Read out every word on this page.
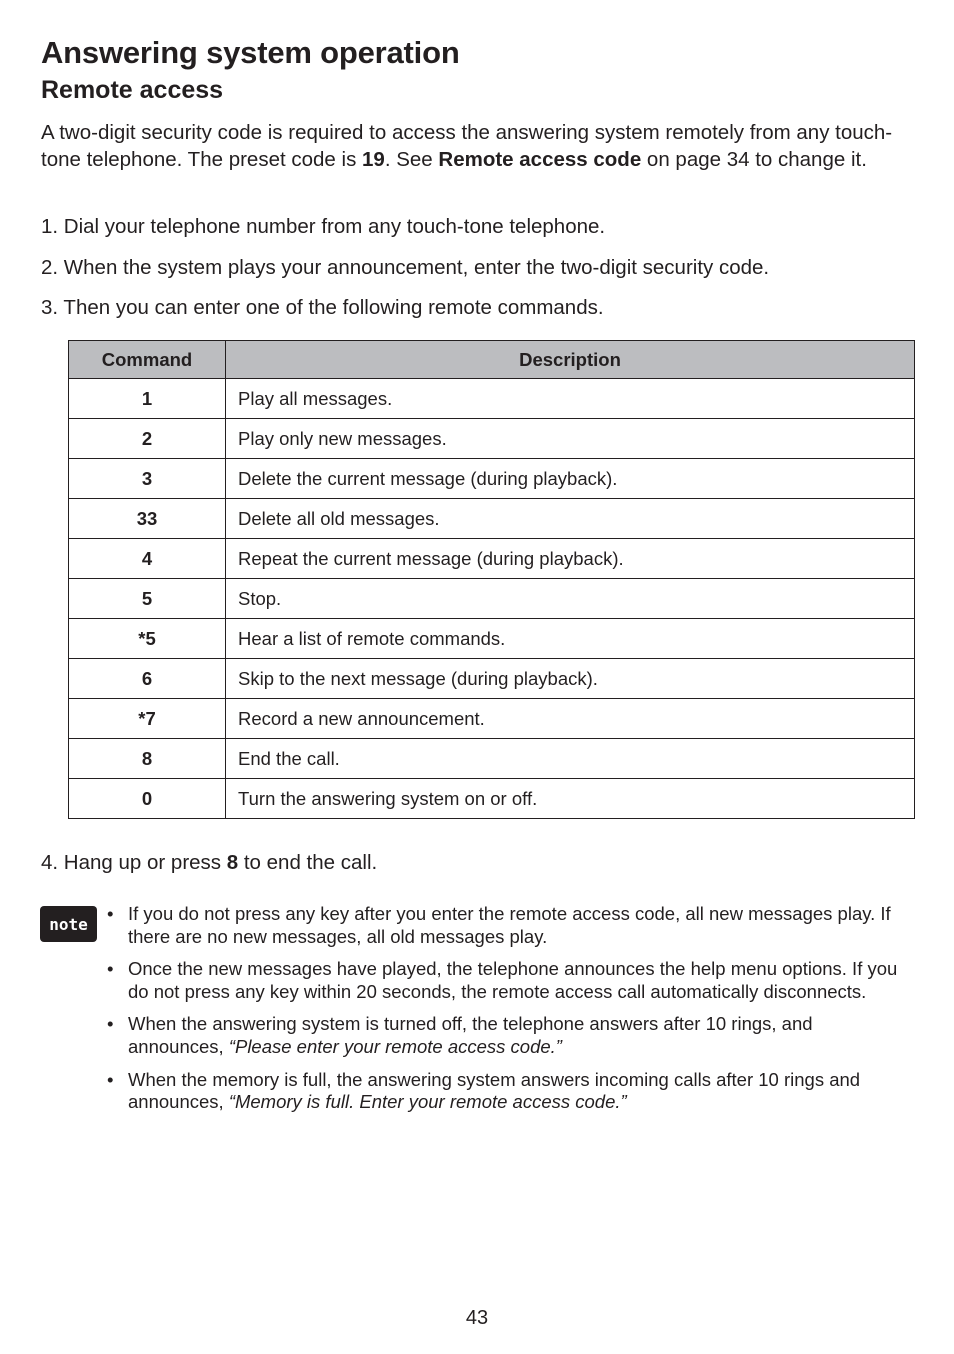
Answering system operation
Remote access

A two-digit security code is required to access the answering system remotely from any touch-tone telephone. The preset code is 19. See Remote access code on page 34 to change it.

1. Dial your telephone number from any touch-tone telephone.

2. When the system plays your announcement, enter the two-digit security code.

3. Then you can enter one of the following remote commands.

Command	Description
1	Play all messages.
2	Play only new messages.
3	Delete the current message (during playback).
33	Delete all old messages.
4	Repeat the current message (during playback).
5	Stop.
*5	Hear a list of remote commands.
6	Skip to the next message (during playback).
*7	Record a new announcement.
8	End the call.
0	Turn the answering system on or off.

4. Hang up or press 8 to end the call.

note	• If you do not press any key after you enter the remote access code, all new messages play. If there are no new messages, all old messages play.
• Once the new messages have played, the telephone announces the help menu options. If you do not press any key within 20 seconds, the remote access call automatically disconnects.
• When the answering system is turned off, the telephone answers after 10 rings, and announces, “Please enter your remote access code.”
• When the memory is full, the answering system answers incoming calls after 10 rings and announces, “Memory is full. Enter your remote access code.”
43
